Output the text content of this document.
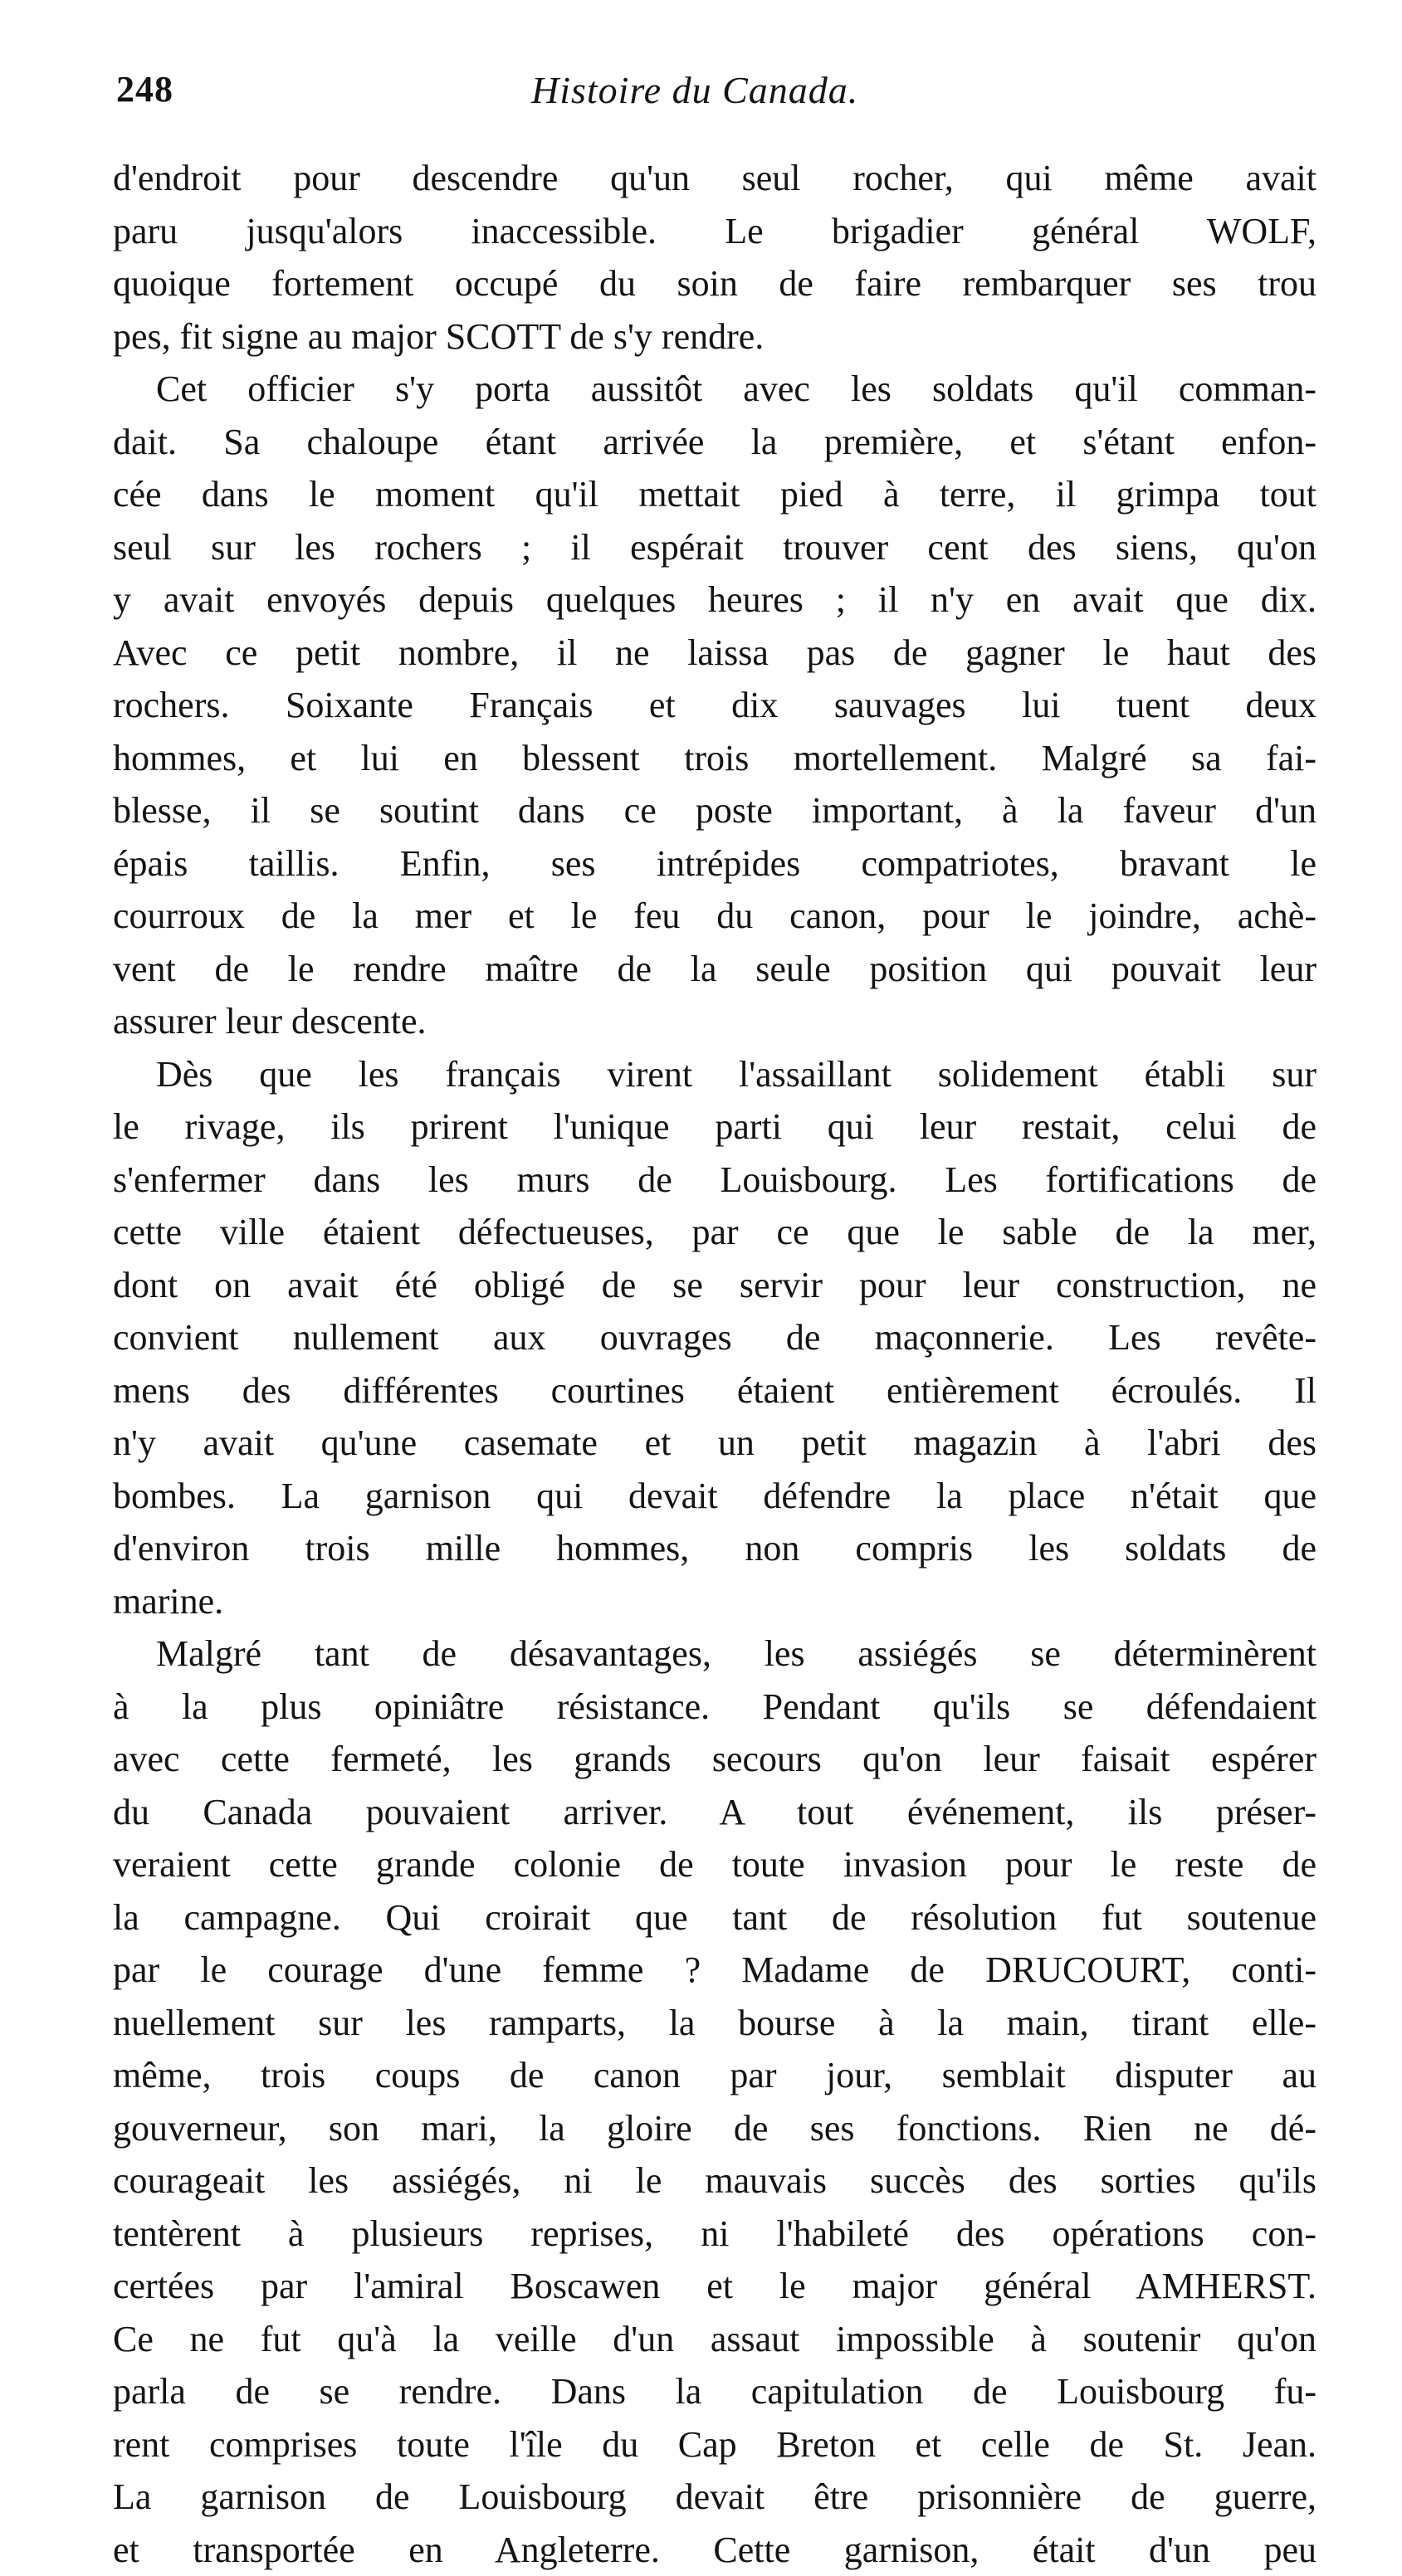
248	Histoire du Canada.
d'endroit pour descendre qu'un seul rocher, qui même avait
paru jusqu'alors inaccessible. Le brigadier général WOLF,
quoique fortement occupé du soin de faire rembarquer ses trou
pes, fit signe au major SCOTT de s'y rendre.
Cet officier s'y porta aussitôt avec les soldats qu'il comman-
dait. Sa chaloupe étant arrivée la première, et s'étant enfon-
cée dans le moment qu'il mettait pied à terre, il grimpa tout
seul sur les rochers ; il espérait trouver cent des siens, qu'on
y avait envoyés depuis quelques heures ; il n'y en avait que dix.
Avec ce petit nombre, il ne laissa pas de gagner le haut des
rochers. Soixante Français et dix sauvages lui tuent deux
hommes, et lui en blessent trois mortellement. Malgré sa fai-
blesse, il se soutint dans ce poste important, à la faveur d'un
épais taillis. Enfin, ses intrépides compatriotes, bravant le
courroux de la mer et le feu du canon, pour le joindre, achè-
vent de le rendre maître de la seule position qui pouvait leur
assurer leur descente.
Dès que les français virent l'assaillant solidement établi sur
le rivage, ils prirent l'unique parti qui leur restait, celui de
s'enfermer dans les murs de Louisbourg. Les fortifications de
cette ville étaient défectueuses, par ce que le sable de la mer,
dont on avait été obligé de se servir pour leur construction, ne
convient nullement aux ouvrages de maçonnerie. Les revête-
mens des différentes courtines étaient entièrement écroulés. Il
n'y avait qu'une casemate et un petit magazin à l'abri des
bombes. La garnison qui devait défendre la place n'était que
d'environ trois mille hommes, non compris les soldats de
marine.
Malgré tant de désavantages, les assiégés se déterminèrent
à la plus opiniâtre résistance. Pendant qu'ils se défendaient
avec cette fermeté, les grands secours qu'on leur faisait espérer
du Canada pouvaient arriver. A tout événement, ils préser-
veraient cette grande colonie de toute invasion pour le reste de
la campagne. Qui croirait que tant de résolution fut soutenue
par le courage d'une femme ? Madame de DRUCOURT, conti-
nuellement sur les ramparts, la bourse à la main, tirant elle-
même, trois coups de canon par jour, semblait disputer au
gouverneur, son mari, la gloire de ses fonctions. Rien ne dé-
courageait les assiégés, ni le mauvais succès des sorties qu'ils
tentèrent à plusieurs reprises, ni l'habileté des opérations con-
certées par l'amiral Boscawen et le major général AMHERST.
Ce ne fut qu'à la veille d'un assaut impossible à soutenir qu'on
parla de se rendre. Dans la capitulation de Louisbourg fu-
rent comprises toute l'île du Cap Breton et celle de St. Jean.
La garnison de Louisbourg devait être prisonnière de guerre,
et transportée en Angleterre. Cette garnison, était d'un peu
